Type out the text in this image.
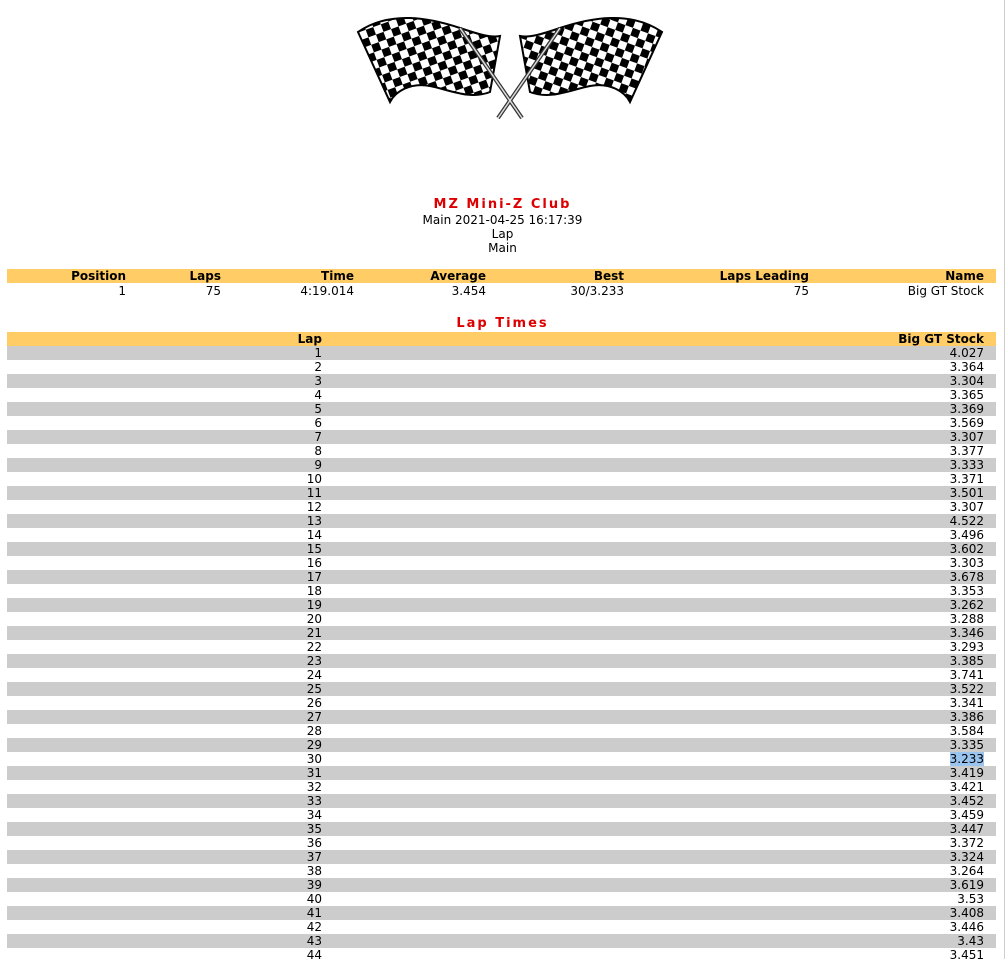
MZ Mini-Z Club
Main 2021-04-25 16:17:39
Lap
Main
Position	Laps	Time	Average	Best	Laps Leading	Name
1	75	4:19.014	3.454	30/3.233	75	Big GT Stock
Lap Times
Lap	Big GT Stock
1	4.027
2	3.364
3	3.304
4	3.365
5	3.369
6	3.569
7	3.307
8	3.377
9	3.333
10	3.371
11	3.501
12	3.307
13	4.522
14	3.496
15	3.602
16	3.303
17	3.678
18	3.353
19	3.262
20	3.288
21	3.346
22	3.293
23	3.385
24	3.741
25	3.522
26	3.341
27	3.386
28	3.584
29	3.335
30	3.233
31	3.419
32	3.421
33	3.452
34	3.459
35	3.447
36	3.372
37	3.324
38	3.264
39	3.619
40	3.53
41	3.408
42	3.446
43	3.43
44	3.451
